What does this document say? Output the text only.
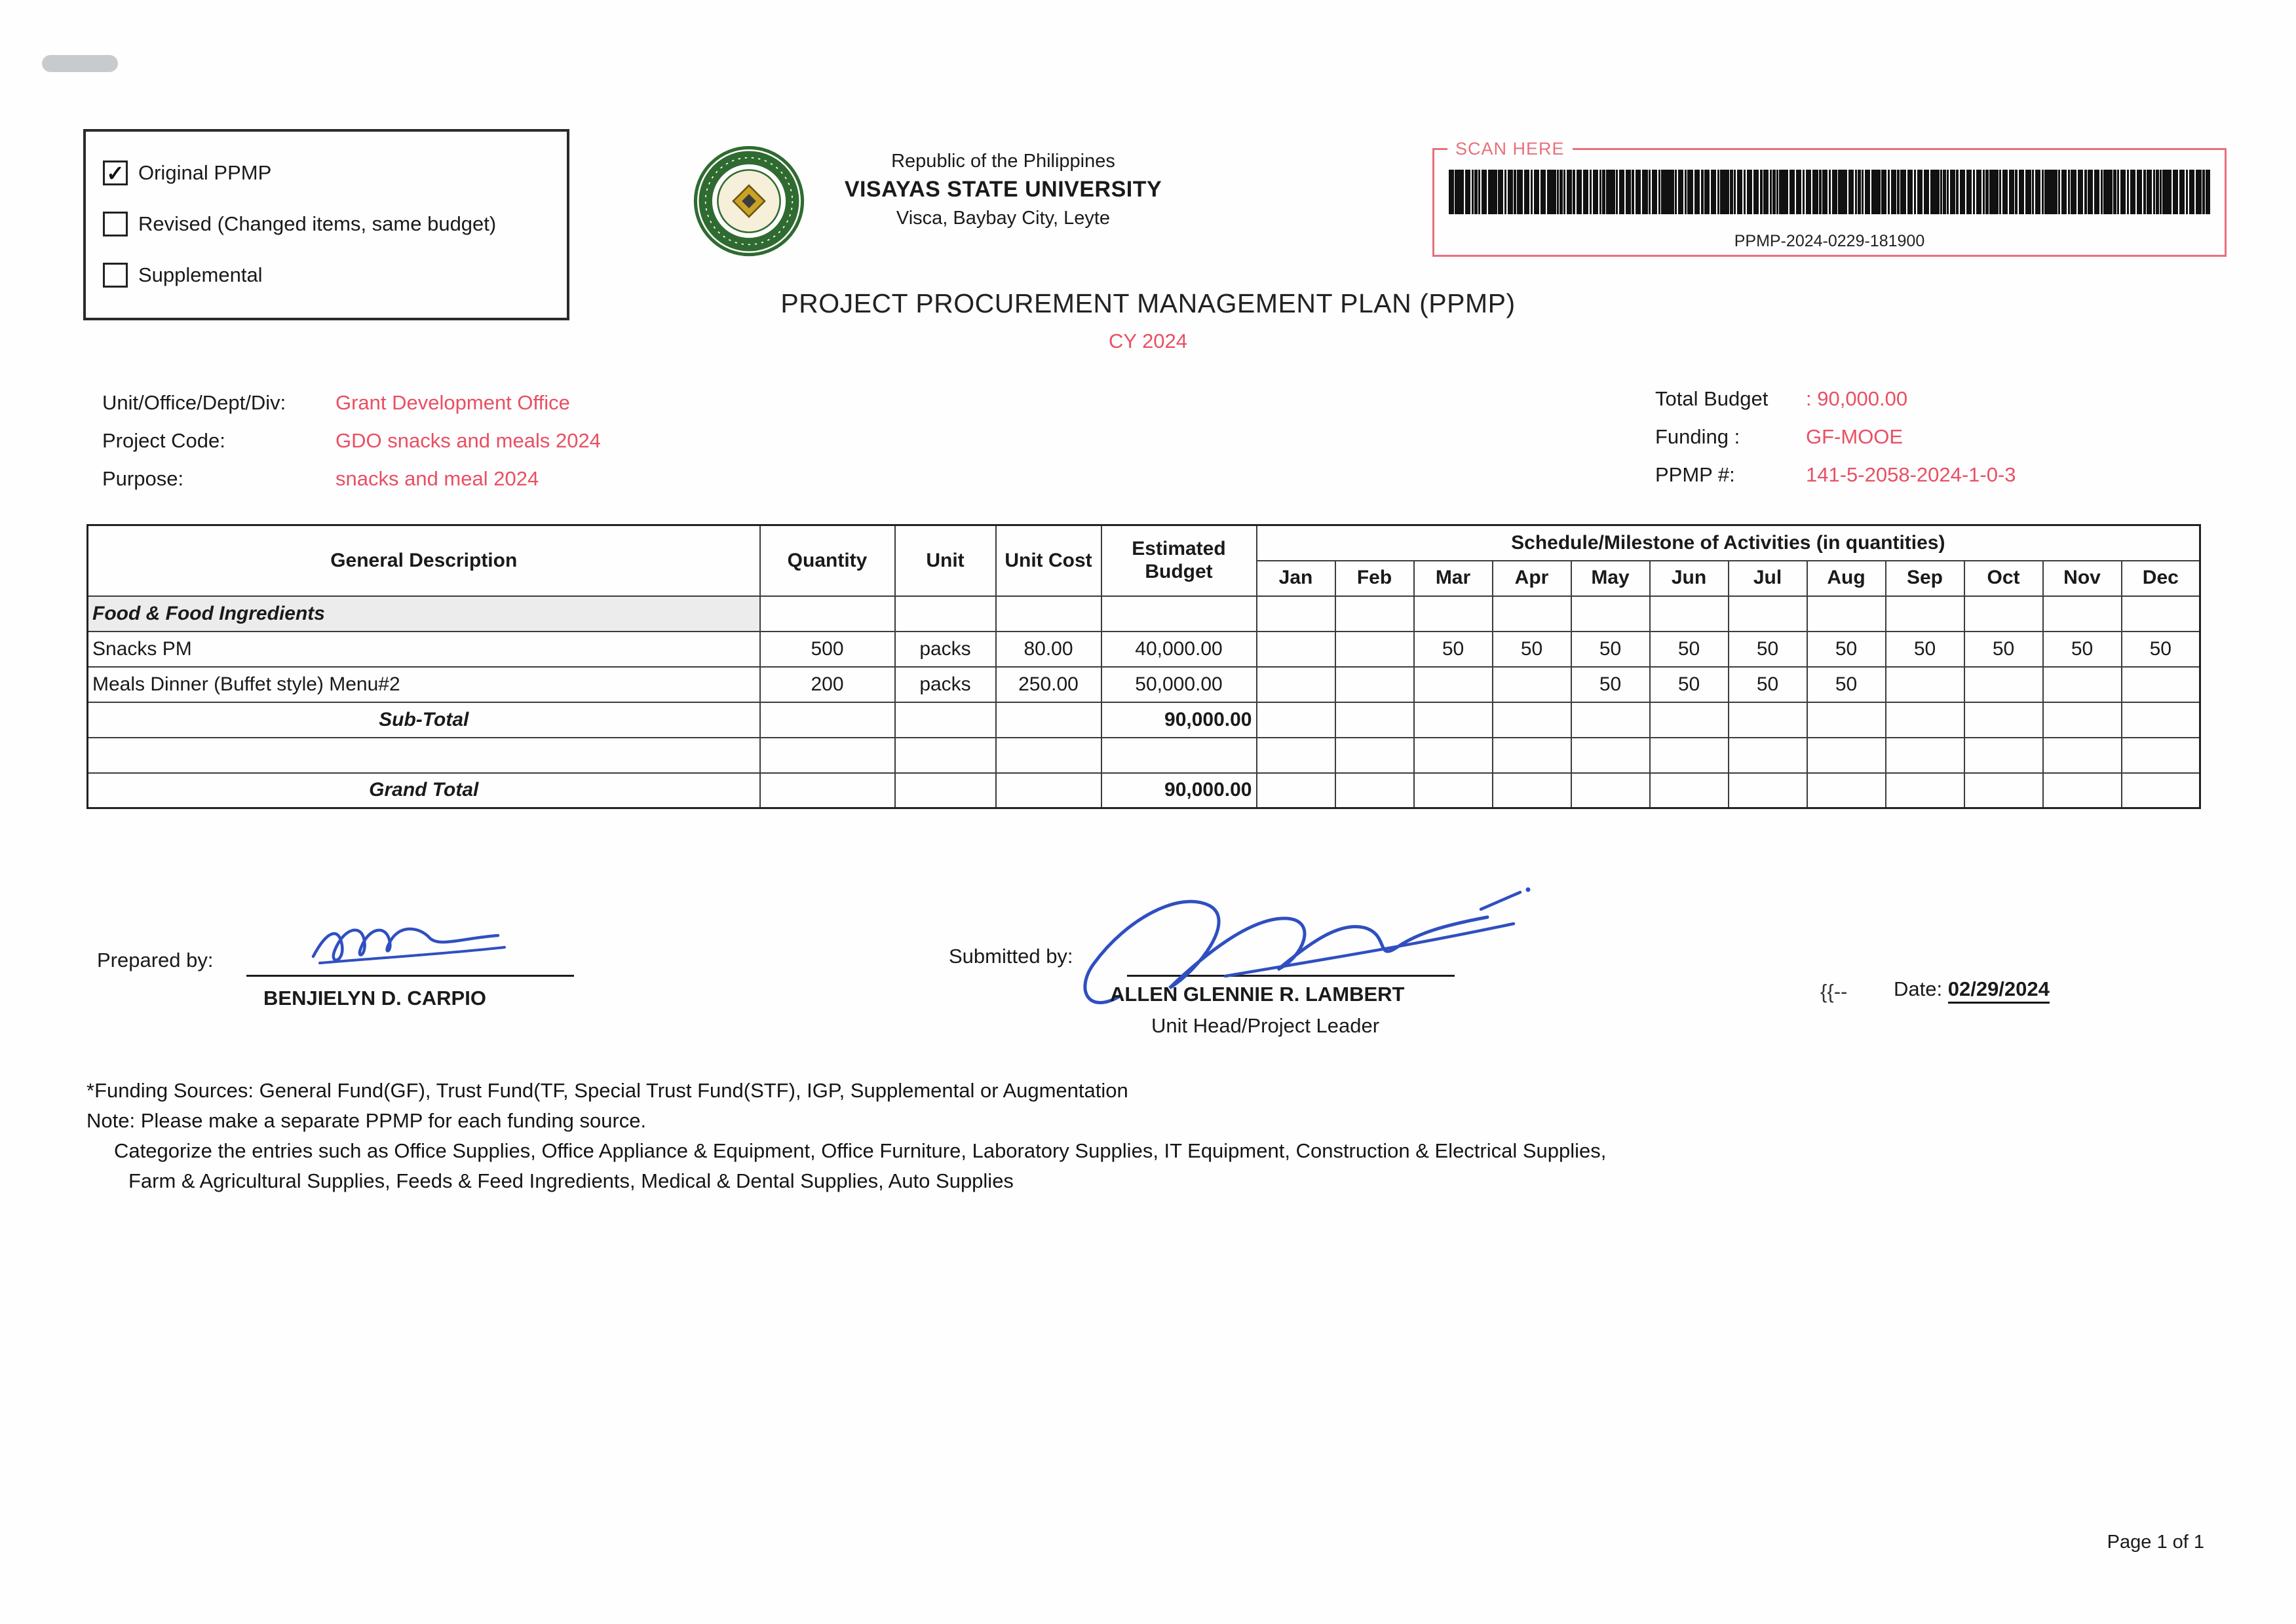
✓ Original PPMP
Revised (Changed items, same budget)
Supplemental
Republic of the Philippines
VISAYAS STATE UNIVERSITY
Visca, Baybay City, Leyte
SCAN HERE
PPMP-2024-0229-181900
PROJECT PROCUREMENT MANAGEMENT PLAN (PPMP)
CY 2024
Unit/Office/Dept/Div:	Grant Development Office
Project Code:	GDO snacks and meals 2024
Purpose:	snacks and meal 2024
Total Budget	: 90,000.00
Funding :	GF-MOOE
PPMP #:	141-5-2058-2024-1-0-3
General Description	Quantity	Unit	Unit Cost	Estimated Budget	Schedule/Milestone of Activities (in quantities)											
					Jan	Feb	Mar	Apr	May	Jun	Jul	Aug	Sep	Oct	Nov	Dec
Food & Food Ingredients																
Snacks PM	500	packs	80.00	40,000.00			50	50	50	50	50	50	50	50	50	50
Meals Dinner (Buffet style) Menu#2	200	packs	250.00	50,000.00					50	50	50	50				
Sub-Total				90,000.00												

Grand Total				90,000.00												
Prepared by:
BENJIELYN D. CARPIO
Submitted by:
ALLEN GLENNIE R. LAMBERT
Unit Head/Project Leader
{{-- Date: 02/29/2024
*Funding Sources: General Fund(GF), Trust Fund(TF, Special Trust Fund(STF), IGP, Supplemental or Augmentation
Note: Please make a separate PPMP for each funding source.
Categorize the entries such as Office Supplies, Office Appliance & Equipment, Office Furniture, Laboratory Supplies, IT Equipment, Construction & Electrical Supplies,
Farm & Agricultural Supplies, Feeds & Feed Ingredients, Medical & Dental Supplies, Auto Supplies
Page 1 of 1
